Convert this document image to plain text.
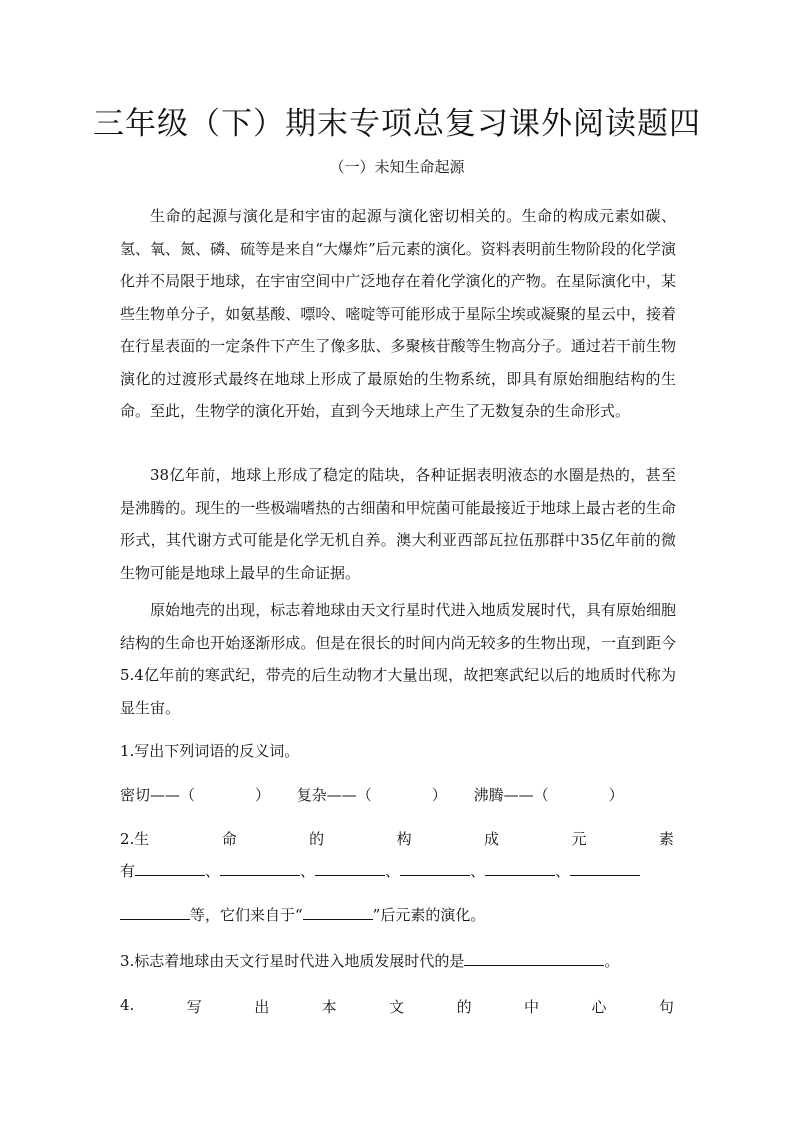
三年级（下）期末专项总复习课外阅读题四
（一）未知生命起源

生命的起源与演化是和宇宙的起源与演化密切相关的。生命的构成元素如碳、氢、氧、氮、磷、硫等是来自“大爆炸”后元素的演化。资料表明前生物阶段的化学演化并不局限于地球，在宇宙空间中广泛地存在着化学演化的产物。在星际演化中，某些生物单分子，如氨基酸、嘌呤、嘧啶等可能形成于星际尘埃或凝聚的星云中，接着在行星表面的一定条件下产生了像多肽、多聚核苷酸等生物高分子。通过若干前生物演化的过渡形式最终在地球上形成了最原始的生物系统，即具有原始细胞结构的生命。至此，生物学的演化开始，直到今天地球上产生了无数复杂的生命形式。

38亿年前，地球上形成了稳定的陆块，各种证据表明液态的水圈是热的，甚至是沸腾的。现生的一些极端嗜热的古细菌和甲烷菌可能最接近于地球上最古老的生命形式，其代谢方式可能是化学无机自养。澳大利亚西部瓦拉伍那群中35亿年前的微生物可能是地球上最早的生命证据。

原始地壳的出现，标志着地球由天文行星时代进入地质发展时代，具有原始细胞结构的生命也开始逐渐形成。但是在很长的时间内尚无较多的生物出现，一直到距今5.4亿年前的寒武纪，带壳的后生动物才大量出现，故把寒武纪以后的地质时代称为显生宙。

1.写出下列词语的反义词。
密切——（　　　　） 复杂——（　　　　） 沸腾——（　　　　）
2.生	命	的	构	成	元	素
有	、	、	、	、	、
等，它们来自于“	”后元素的演化。
3.标志着地球由天文行星时代进入地质发展时代的是	。
4.	写	出	本	文	的	中	心	句
